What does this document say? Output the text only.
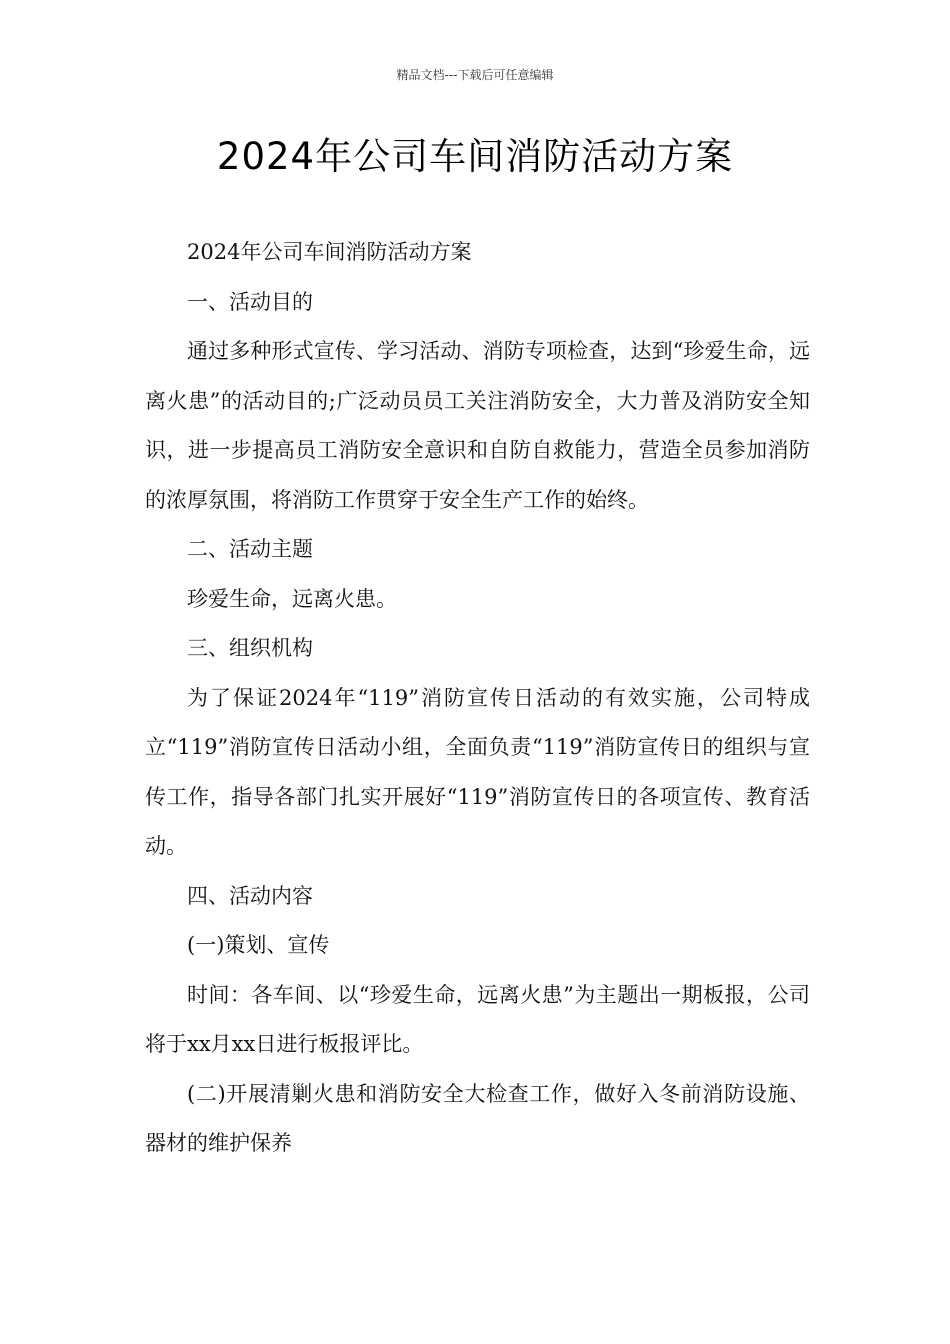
精品文档---下载后可任意编辑
2024年公司车间消防活动方案

2024年公司车间消防活动方案

一、活动目的

通过多种形式宣传、学习活动、消防专项检查，达到“珍爱生命，远离火患”的活动目的;广泛动员员工关注消防安全，大力普及消防安全知识，进一步提高员工消防安全意识和自防自救能力，营造全员参加消防的浓厚氛围，将消防工作贯穿于安全生产工作的始终。

二、活动主题

珍爱生命，远离火患。

三、组织机构

为了保证2024年“119”消防宣传日活动的有效实施，公司特成立“119”消防宣传日活动小组，全面负责“119”消防宣传日的组织与宣传工作，指导各部门扎实开展好“119”消防宣传日的各项宣传、教育活动。

四、活动内容

(一)策划、宣传

时间：各车间、以“珍爱生命，远离火患”为主题出一期板报，公司将于xx月xx日进行板报评比。

(二)开展清剿火患和消防安全大检查工作，做好入冬前消防设施、器材的维护保养
